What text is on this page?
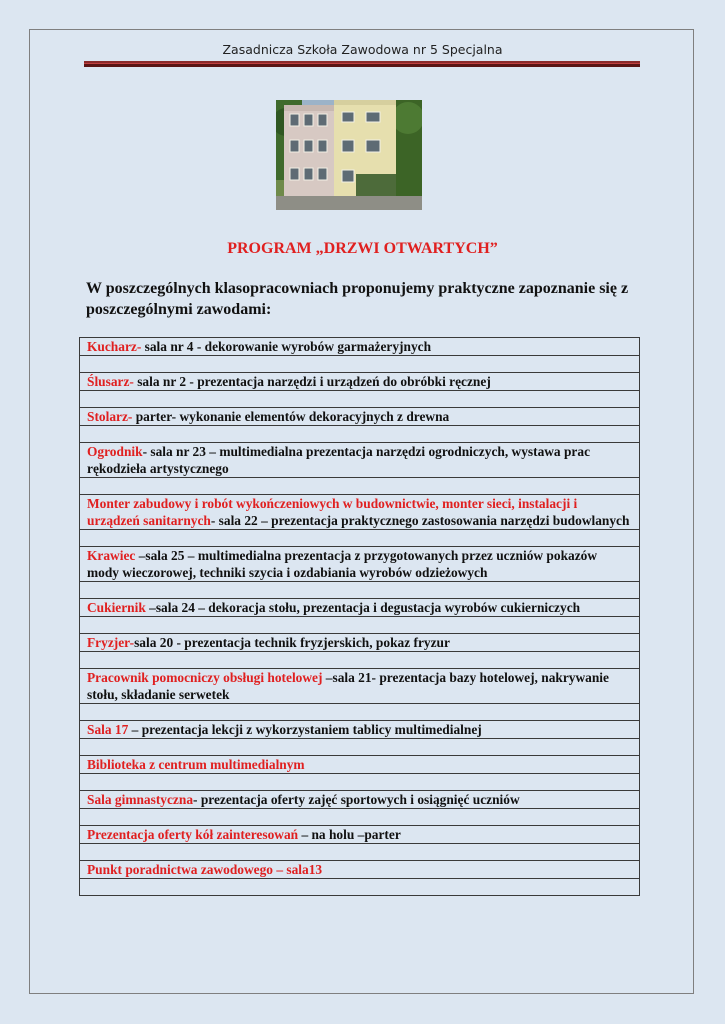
Zasadnicza Szkoła Zawodowa nr 5 Specjalna
PROGRAM „DRZWI OTWARTYCH”
W poszczególnych klasopracowniach proponujemy praktyczne zapoznanie się z poszczególnymi zawodami:
Kucharz- sala nr 4 - dekorowanie wyrobów garmażeryjnych

Ślusarz- sala nr 2 - prezentacja narzędzi i urządzeń do obróbki ręcznej

Stolarz- parter- wykonanie elementów dekoracyjnych z drewna

Ogrodnik- sala nr 23 – multimedialna prezentacja narzędzi ogrodniczych, wystawa prac rękodzieła artystycznego

Monter zabudowy i robót wykończeniowych w budownictwie, monter sieci, instalacji i urządzeń sanitarnych- sala 22 – prezentacja praktycznego zastosowania narzędzi budowlanych

Krawiec –sala 25 – multimedialna prezentacja z przygotowanych przez uczniów pokazów mody wieczorowej, techniki szycia i ozdabiania wyrobów odzieżowych

Cukiernik –sala 24 – dekoracja stołu, prezentacja i degustacja wyrobów cukierniczych

Fryzjer-sala 20 - prezentacja technik fryzjerskich, pokaz fryzur

Pracownik pomocniczy obsługi hotelowej –sala 21- prezentacja bazy hotelowej, nakrywanie stołu, składanie serwetek

Sala 17 – prezentacja lekcji z wykorzystaniem tablicy multimedialnej

Biblioteka z centrum multimedialnym

Sala gimnastyczna- prezentacja oferty zajęć sportowych i osiągnięć uczniów

Prezentacja oferty kół zainteresowań – na holu –parter

Punkt poradnictwa zawodowego – sala13
